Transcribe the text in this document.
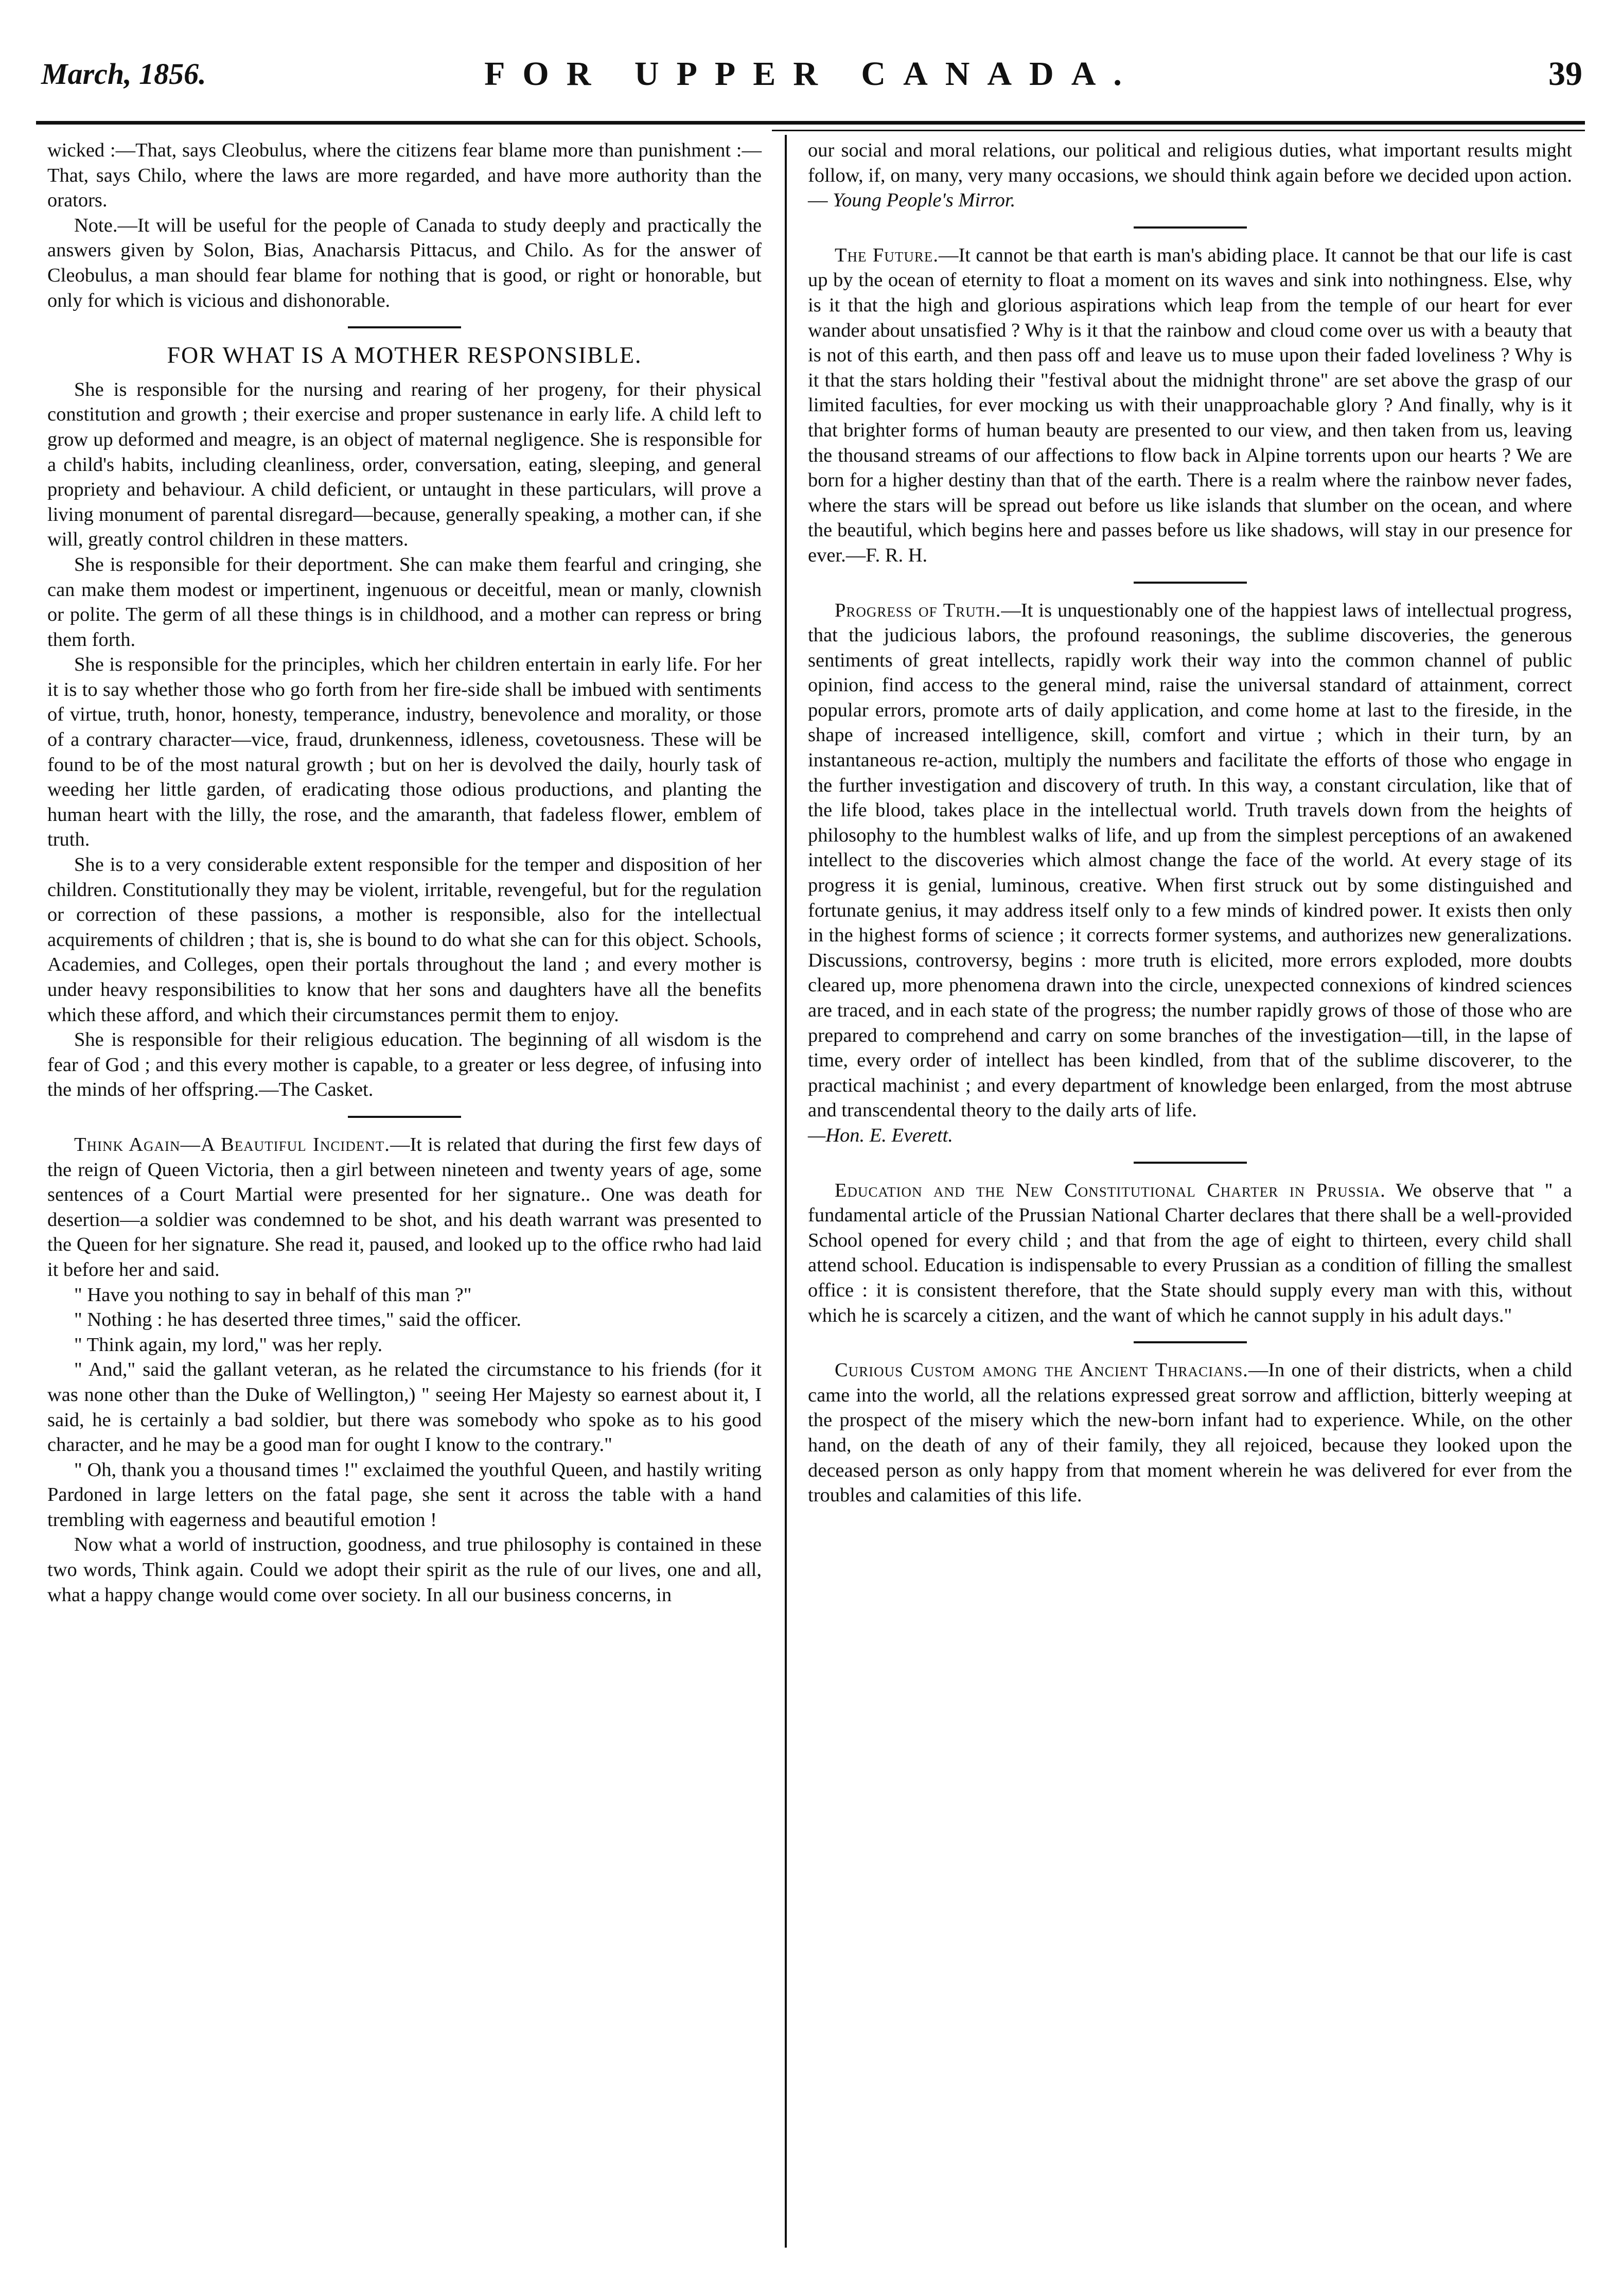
March, 1856.	FOR UPPER CANADA.	39

wicked :—That, says Cleobulus, where the citizens fear blame more than punishment :—That, says Chilo, where the laws are more regarded, and have more authority than the orators.

Note.—It will be useful for the people of Canada to study deeply and practically the answers given by Solon, Bias, Anacharsis Pittacus, and Chilo. As for the answer of Cleobulus, a man should fear blame for nothing that is good, or right or honorable, but only for which is vicious and dishonorable.

FOR WHAT IS A MOTHER RESPONSIBLE.

She is responsible for the nursing and rearing of her progeny, for their physical constitution and growth ; their exercise and proper sustenance in early life. A child left to grow up deformed and meagre, is an object of maternal negligence. She is responsible for a child's habits, including cleanliness, order, conversation, eating, sleeping, and general propriety and behaviour. A child deficient, or untaught in these particulars, will prove a living monument of parental disregard—because, generally speaking, a mother can, if she will, greatly control children in these matters.

She is responsible for their deportment. She can make them fearful and cringing, she can make them modest or impertinent, ingenuous or deceitful, mean or manly, clownish or polite. The germ of all these things is in childhood, and a mother can repress or bring them forth.

She is responsible for the principles, which her children entertain in early life. For her it is to say whether those who go forth from her fire-side shall be imbued with sentiments of virtue, truth, honor, honesty, temperance, industry, benevolence and morality, or those of a contrary character—vice, fraud, drunkenness, idleness, covetousness. These will be found to be of the most natural growth ; but on her is devolved the daily, hourly task of weeding her little garden, of eradicating those odious productions, and planting the human heart with the lilly, the rose, and the amaranth, that fadeless flower, emblem of truth.

She is to a very considerable extent responsible for the temper and disposition of her children. Constitutionally they may be violent, irritable, revengeful, but for the regulation or correction of these passions, a mother is responsible, also for the intellectual acquirements of children ; that is, she is bound to do what she can for this object. Schools, Academies, and Colleges, open their portals throughout the land ; and every mother is under heavy responsibilities to know that her sons and daughters have all the benefits which these afford, and which their circumstances permit them to enjoy.

She is responsible for their religious education. The beginning of all wisdom is the fear of God ; and this every mother is capable, to a greater or less degree, of infusing into the minds of her offspring.—The Casket.

Think Again—A Beautiful Incident.—It is related that during the first few days of the reign of Queen Victoria, then a girl between nineteen and twenty years of age, some sentences of a Court Martial were presented for her signature.. One was death for desertion—a soldier was condemned to be shot, and his death warrant was presented to the Queen for her signature. She read it, paused, and looked up to the office rwho had laid it before her and said.

" Have you nothing to say in behalf of this man ?"

" Nothing : he has deserted three times," said the officer.

" Think again, my lord," was her reply.

" And," said the gallant veteran, as he related the circumstance to his friends (for it was none other than the Duke of Wellington,) " seeing Her Majesty so earnest about it, I said, he is certainly a bad soldier, but there was somebody who spoke as to his good character, and he may be a good man for ought I know to the contrary."

" Oh, thank you a thousand times !" exclaimed the youthful Queen, and hastily writing Pardoned in large letters on the fatal page, she sent it across the table with a hand trembling with eagerness and beautiful emotion !

Now what a world of instruction, goodness, and true philosophy is contained in these two words, Think again. Could we adopt their spirit as the rule of our lives, one and all, what a happy change would come over society. In all our business concerns, in

our social and moral relations, our political and religious duties, what important results might follow, if, on many, very many occasions, we should think again before we decided upon action.— Young People's Mirror.

The Future.—It cannot be that earth is man's abiding place. It cannot be that our life is cast up by the ocean of eternity to float a moment on its waves and sink into nothingness. Else, why is it that the high and glorious aspirations which leap from the temple of our heart for ever wander about unsatisfied ? Why is it that the rainbow and cloud come over us with a beauty that is not of this earth, and then pass off and leave us to muse upon their faded loveliness ? Why is it that the stars holding their "festival about the midnight throne" are set above the grasp of our limited faculties, for ever mocking us with their unapproachable glory ? And finally, why is it that brighter forms of human beauty are presented to our view, and then taken from us, leaving the thousand streams of our affections to flow back in Alpine torrents upon our hearts ? We are born for a higher destiny than that of the earth. There is a realm where the rainbow never fades, where the stars will be spread out before us like islands that slumber on the ocean, and where the beautiful, which begins here and passes before us like shadows, will stay in our presence for ever.—F. R. H.

Progress of Truth.—It is unquestionably one of the happiest laws of intellectual progress, that the judicious labors, the profound reasonings, the sublime discoveries, the generous sentiments of great intellects, rapidly work their way into the common channel of public opinion, find access to the general mind, raise the universal standard of attainment, correct popular errors, promote arts of daily application, and come home at last to the fireside, in the shape of increased intelligence, skill, comfort and virtue ; which in their turn, by an instantaneous re-action, multiply the numbers and facilitate the efforts of those who engage in the further investigation and discovery of truth. In this way, a constant circulation, like that of the life blood, takes place in the intellectual world. Truth travels down from the heights of philosophy to the humblest walks of life, and up from the simplest perceptions of an awakened intellect to the discoveries which almost change the face of the world. At every stage of its progress it is genial, luminous, creative. When first struck out by some distinguished and fortunate genius, it may address itself only to a few minds of kindred power. It exists then only in the highest forms of science ; it corrects former systems, and authorizes new generalizations. Discussions, controversy, begins : more truth is elicited, more errors exploded, more doubts cleared up, more phenomena drawn into the circle, unexpected connexions of kindred sciences are traced, and in each state of the progress; the number rapidly grows of those of those who are prepared to comprehend and carry on some branches of the investigation—till, in the lapse of time, every order of intellect has been kindled, from that of the sublime discoverer, to the practical machinist ; and every department of knowledge been enlarged, from the most abtruse and transcendental theory to the daily arts of life.

—Hon. E. Everett.

Education and the New Constitutional Charter in Prussia. We observe that " a fundamental article of the Prussian National Charter declares that there shall be a well-provided School opened for every child ; and that from the age of eight to thirteen, every child shall attend school. Education is indispensable to every Prussian as a condition of filling the smallest office : it is consistent therefore, that the State should supply every man with this, without which he is scarcely a citizen, and the want of which he cannot supply in his adult days."

Curious Custom among the Ancient Thracians.—In one of their districts, when a child came into the world, all the relations expressed great sorrow and affliction, bitterly weeping at the prospect of the misery which the new-born infant had to experience. While, on the other hand, on the death of any of their family, they all rejoiced, because they looked upon the deceased person as only happy from that moment wherein he was delivered for ever from the troubles and calamities of this life.
